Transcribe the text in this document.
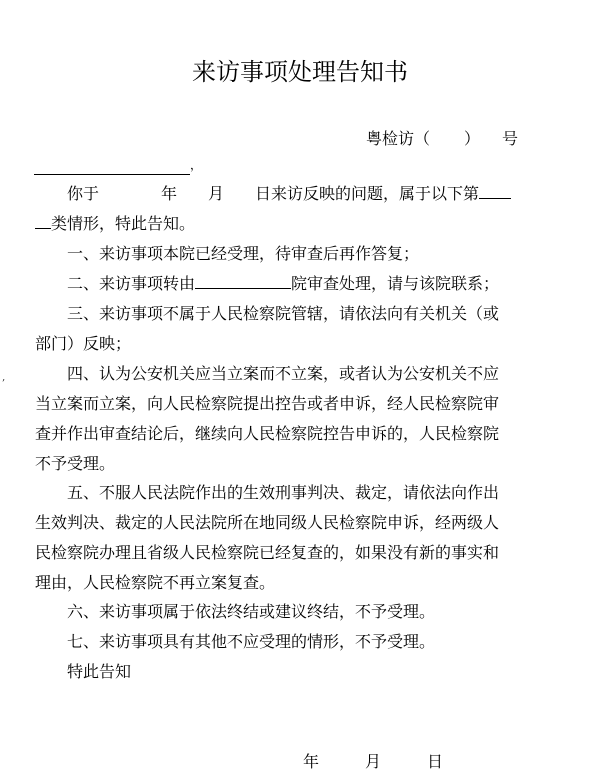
来访事项处理告知书
粤检访（ ） 号
，
‚
你于	年 月 日来访反映的问题，属于以下第
类情形，特此告知。
一、来访事项本院已经受理，待审查后再作答复；
二、来访事项转由	院审查处理，请与该院联系；
三、来访事项不属于人民检察院管辖，请依法向有关机关（或
部门）反映；
四、认为公安机关应当立案而不立案，或者认为公安机关不应
当立案而立案，向人民检察院提出控告或者申诉，经人民检察院审
查并作出审查结论后，继续向人民检察院控告申诉的，人民检察院
不予受理。
五、不服人民法院作出的生效刑事判决、裁定，请依法向作出
生效判决、裁定的人民法院所在地同级人民检察院申诉，经两级人
民检察院办理且省级人民检察院已经复查的，如果没有新的事实和
理由，人民检察院不再立案复查。
六、来访事项属于依法终结或建议终结，不予受理。
七、来访事项具有其他不应受理的情形，不予受理。
特此告知
年	月	日
